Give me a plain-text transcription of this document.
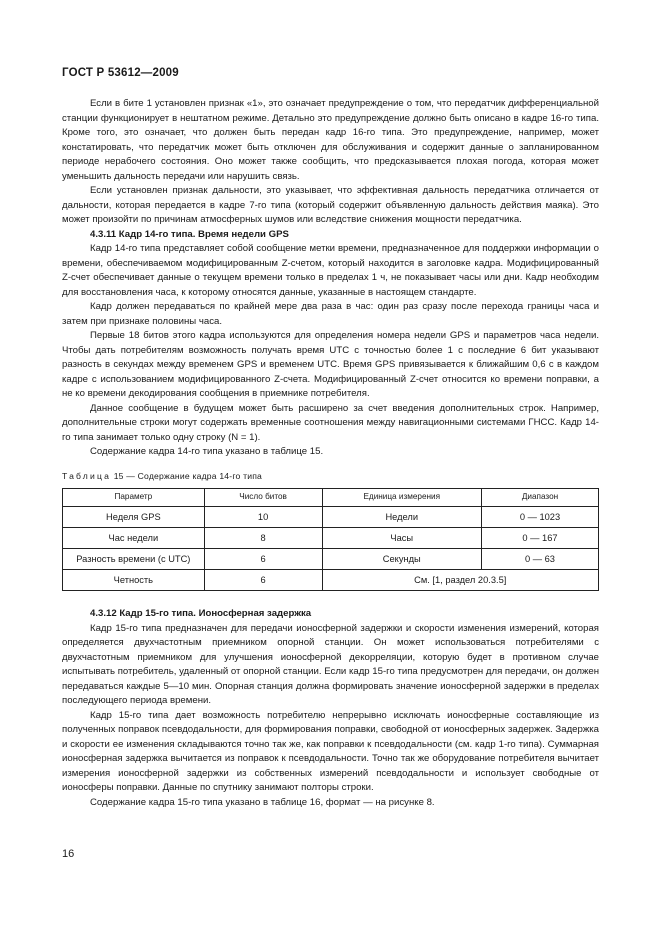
ГОСТ Р 53612—2009

Если в бите 1 установлен признак «1», это означает предупреждение о том, что передатчик дифференциальной станции функционирует в нештатном режиме. Детально это предупреждение должно быть описано в кадре 16-го типа. Кроме того, это означает, что должен быть передан кадр 16-го типа. Это предупреждение, например, может констатировать, что передатчик может быть отключен для обслуживания и содержит данные о запланированном периоде нерабочего состояния. Оно может также сообщить, что предсказывается плохая погода, которая может уменьшить дальность передачи или нарушить связь.

Если установлен признак дальности, это указывает, что эффективная дальность передатчика отличается от дальности, которая передается в кадре 7-го типа (который содержит объявленную дальность действия маяка). Это может произойти по причинам атмосферных шумов или вследствие снижения мощности передатчика.

4.3.11 Кадр 14-го типа. Время недели GPS

Кадр 14-го типа представляет собой сообщение метки времени, предназначенное для поддержки информации о времени, обеспечиваемом модифицированным Z-счетом, который находится в заголовке кадра. Модифицированный Z-счет обеспечивает данные о текущем времени только в пределах 1 ч, не показывает часы или дни. Кадр необходим для восстановления часа, к которому относятся данные, указанные в настоящем стандарте.

Кадр должен передаваться по крайней мере два раза в час: один раз сразу после перехода границы часа и затем при признаке половины часа.

Первые 18 битов этого кадра используются для определения номера недели GPS и параметров часа недели. Чтобы дать потребителям возможность получать время UTC с точностью более 1 с последние 6 бит указывают разность в секундах между временем GPS и временем UTC. Время GPS привязывается к ближайшим 0,6 с в каждом кадре с использованием модифицированного Z-счета. Модифицированный Z-счет относится ко времени поправки, а не ко времени декодирования сообщения в приемнике потребителя.

Данное сообщение в будущем может быть расширено за счет введения дополнительных строк. Например, дополнительные строки могут содержать временные соотношения между навигационными системами ГНСС. Кадр 14-го типа занимает только одну строку (N = 1).

Содержание кадра 14-го типа указано в таблице 15.

Таблица 15 — Содержание кадра 14-го типа
Параметр	Число битов	Единица измерения	Диапазон
Неделя GPS	10	Недели	0 — 1023
Час недели	8	Часы	0 — 167
Разность времени (с UTC)	6	Секунды	0 — 63
Четность	6	См. [1, раздел 20.3.5]	
4.3.12 Кадр 15-го типа. Ионосферная задержка

Кадр 15-го типа предназначен для передачи ионосферной задержки и скорости изменения измерений, которая определяется двухчастотным приемником опорной станции. Он может использоваться потребителями с двухчастотным приемником для улучшения ионосферной декорреляции, которую будет в противном случае испытывать потребитель, удаленный от опорной станции. Если кадр 15-го типа предусмотрен для передачи, он должен передаваться каждые 5—10 мин. Опорная станция должна формировать значение ионосферной задержки в пределах последующего периода времени.

Кадр 15-го типа дает возможность потребителю непрерывно исключать ионосферные составляющие из полученных поправок псевдодальности, для формирования поправки, свободной от ионосферных задержек. Задержка и скорости ее изменения складываются точно так же, как поправки к псевдодальности (см. кадр 1-го типа). Суммарная ионосферная задержка вычитается из поправок к псевдодальности. Точно так же оборудование потребителя вычитает измерения ионосферной задержки из собственных измерений псевдодальности и использует свободные от ионосферы поправки. Данные по спутнику занимают полторы строки.

Содержание кадра 15-го типа указано в таблице 16, формат — на рисунке 8.

16
